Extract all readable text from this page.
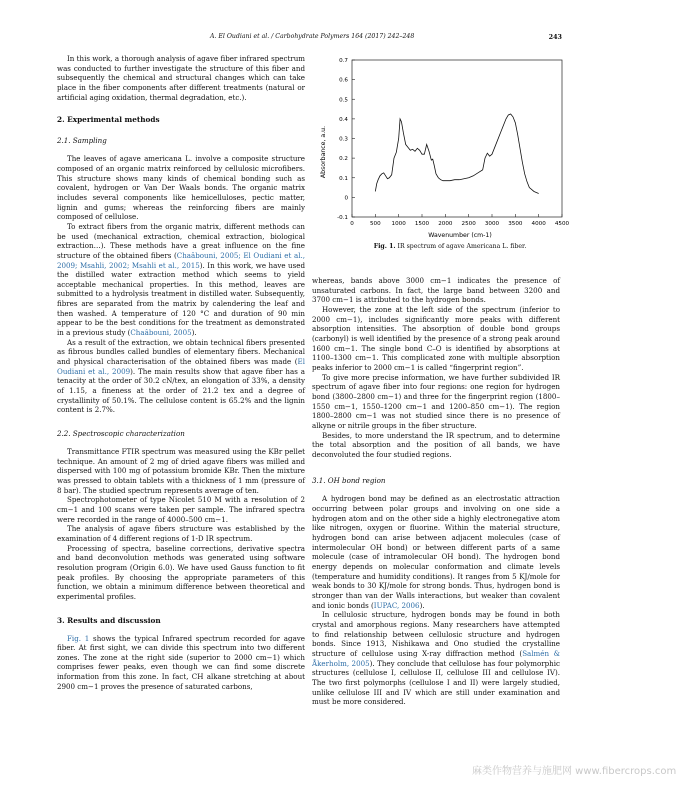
A. El Oudiani et al. / Carbohydrate Polymers 164 (2017) 242–248	243

In this work, a thorough analysis of agave fiber infrared spectrum was conducted to further investigate the structure of this fiber and subsequently the chemical and structural changes which can take place in the fiber components after different treatments (natural or artificial aging oxidation, thermal degradation, etc.).

2. Experimental methods
2.1. Sampling

The leaves of agave americana L. involve a composite structure composed of an organic matrix reinforced by cellulosic microfibers. This structure shows many kinds of chemical bonding such as covalent, hydrogen or Van Der Waals bonds. The organic matrix includes several components like hemicelluloses, pectic matter, lignin and gums; whereas the reinforcing fibers are mainly composed of cellulose.

To extract fibers from the organic matrix, different methods can be used (mechanical extraction, chemical extraction, biological extraction…). These methods have a great influence on the fine structure of the obtained fibers (Chaâbouni, 2005; El Oudiani et al., 2009; Msahli, 2002; Msahli et al., 2015). In this work, we have used the distilled water extraction method which seems to yield acceptable mechanical properties. In this method, leaves are submitted to a hydrolysis treatment in distilled water. Subsequently, fibres are separated from the matrix by calendering the leaf and then washed. A temperature of 120 °C and duration of 90 min appear to be the best conditions for the treatment as demonstrated in a previous study (Chaâbouni, 2005).

As a result of the extraction, we obtain technical fibers presented as fibrous bundles called bundles of elementary fibers. Mechanical and physical characterisation of the obtained fibers was made (El Oudiani et al., 2009). The main results show that agave fiber has a tenacity at the order of 30.2 cN/tex, an elongation of 33%, a density of 1.15, a fineness at the order of 21.2 tex and a degree of crystallinity of 50.1%. The cellulose content is 65.2% and the lignin content is 2.7%.

2.2. Spectroscopic characterization

Transmittance FTIR spectrum was measured using the KBr pellet technique. An amount of 2 mg of dried agave fibers was milled and dispersed with 100 mg of potassium bromide KBr. Then the mixture was pressed to obtain tablets with a thickness of 1 mm (pressure of 8 bar). The studied spectrum represents average of ten.

Spectrophotometer of type Nicolet 510 M with a resolution of 2 cm−1 and 100 scans were taken per sample. The infrared spectra were recorded in the range of 4000–500 cm−1.

The analysis of agave fibers structure was established by the examination of 4 different regions of 1-D IR spectrum.

Processing of spectra, baseline corrections, derivative spectra and band deconvolution methods was generated using software resolution program (Origin 6.0). We have used Gauss function to fit peak profiles. By choosing the appropriate parameters of this function, we obtain a minimum difference between theoretical and experimental profiles.

3. Results and discussion

Fig. 1 shows the typical Infrared spectrum recorded for agave fiber. At first sight, we can divide this spectrum into two different zones. The zone at the right side (superior to 2000 cm−1) which comprises fewer peaks, even though we can find some discrete information from this zone. In fact, CH alkane stretching at about 2900 cm−1 proves the presence of saturated carbons,

0	500 1000 1500 2000 2500 3000 3500 4000 4500
-0.1
0
0.1
0.2
0.3
0.4
0.5
0.6
0.7
Wavenumber (cm-1)
Absorbance, a.u.
Fig. 1. IR spectrum of agave Americana L. fiber.

whereas, bands above 3000 cm−1 indicates the presence of unsaturated carbons. In fact, the large band between 3200 and 3700 cm−1 is attributed to the hydrogen bonds.

However, the zone at the left side of the spectrum (inferior to 2000 cm−1), includes significantly more peaks with different absorption intensities. The absorption of double bond groups (carbonyl) is well identified by the presence of a strong peak around 1600 cm−1. The single bond C–O is identified by absorptions at 1100–1300 cm−1. This complicated zone with multiple absorption peaks inferior to 2000 cm−1 is called “fingerprint region”.

To give more precise information, we have further subdivided IR spectrum of agave fiber into four regions: one region for hydrogen bond (3800–2800 cm−1) and three for the fingerprint region (1800–1550 cm−1, 1550–1200 cm−1 and 1200–850 cm−1). The region 1800–2800 cm−1 was not studied since there is no presence of alkyne or nitrile groups in the fiber structure.

Besides, to more understand the IR spectrum, and to determine the total absorption and the position of all bands, we have deconvoluted the four studied regions.

3.1. OH bond region

A hydrogen bond may be defined as an electrostatic attraction occurring between polar groups and involving on one side a hydrogen atom and on the other side a highly electronegative atom like nitrogen, oxygen or fluorine. Within the material structure, hydrogen bond can arise between adjacent molecules (case of intermolecular OH bond) or between different parts of a same molecule (case of intramolecular OH bond). The hydrogen bond energy depends on molecular conformation and climate levels (temperature and humidity conditions). It ranges from 5 KJ/mole for weak bonds to 30 KJ/mole for strong bonds. Thus, hydrogen bond is stronger than van der Walls interactions, but weaker than covalent and ionic bonds (IUPAC, 2006).

In cellulosic structure, hydrogen bonds may be found in both crystal and amorphous regions. Many researchers have attempted to find relationship between cellulosic structure and hydrogen bonds. Since 1913, Nishikawa and Ono studied the crystalline structure of cellulose using X-ray diffraction method (Salmén & Åkerholm, 2005). They conclude that cellulose has four polymorphic structures (cellulose I, cellulose II, cellulose III and cellulose IV). The two first polymorphs (cellulose I and II) were largely studied, unlike cellulose III and IV which are still under examination and must be more considered.

麻类作物营养与施肥网 www.fibercrops.com
